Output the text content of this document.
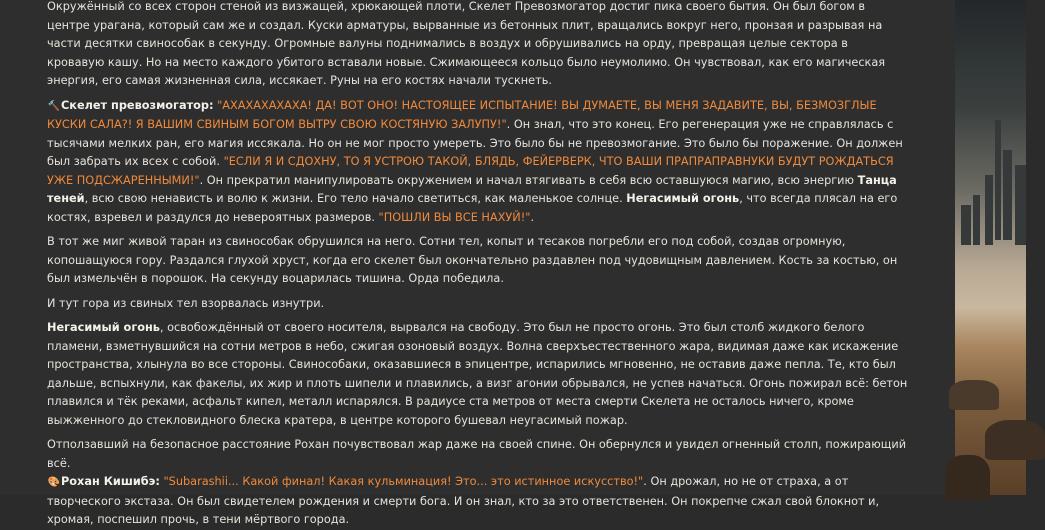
Окружённый со всех сторон стеной из визжащей, хрюкающей плоти, Скелет Превозмогатор достиг пика своего бытия. Он был богом в центре урагана, который сам же и создал. Куски арматуры, вырванные из бетонных плит, вращались вокруг него, пронзая и разрывая на части десятки свинособак в секунду. Огромные валуны поднимались в воздух и обрушивались на орду, превращая целые сектора в кровавую кашу. Но на место каждого убитого вставали новые. Сжимающееся кольцо было неумолимо. Он чувствовал, как его магическая энергия, его самая жизненная сила, иссякает. Руны на его костях начали тускнеть.

🔨Скелет превозмогатор: "АХАХАХАХАХА! ДА! ВОТ ОНО! НАСТОЯЩЕЕ ИСПЫТАНИЕ! ВЫ ДУМАЕТЕ, ВЫ МЕНЯ ЗАДАВИТЕ, ВЫ, БЕЗМОЗГЛЫЕ КУСКИ САЛА?! Я ВАШИМ СВИНЫМ БОГОМ ВЫТРУ СВОЮ КОСТЯНУЮ ЗАЛУПУ!". Он знал, что это конец. Его регенерация уже не справлялась с тысячами мелких ран, его магия иссякала. Но он не мог просто умереть. Это было бы не превозмогание. Это было бы поражение. Он должен был забрать их всех с собой. "ЕСЛИ Я И СДОХНУ, ТО Я УСТРОЮ ТАКОЙ, БЛЯДЬ, ФЕЙЕРВЕРК, ЧТО ВАШИ ПРАПРАПРАВНУКИ БУДУТ РОЖДАТЬСЯ УЖЕ ПОДСЖАРЕННЫМИ!". Он прекратил манипулировать окружением и начал втягивать в себя всю оставшуюся магию, всю энергию Танца теней, всю свою ненависть и волю к жизни. Его тело начало светиться, как маленькое солнце. Негасимый огонь, что всегда плясал на его костях, взревел и раздулся до невероятных размеров. "ПОШЛИ ВЫ ВСЕ НАХУЙ!".

В тот же миг живой таран из свинособак обрушился на него. Сотни тел, копыт и тесаков погребли его под собой, создав огромную, копошащуюся гору. Раздался глухой хруст, когда его скелет был окончательно раздавлен под чудовищным давлением. Кость за костью, он был измельчён в порошок. На секунду воцарилась тишина. Орда победила.

И тут гора из свиных тел взорвалась изнутри.

Негасимый огонь, освобождённый от своего носителя, вырвался на свободу. Это был не просто огонь. Это был столб жидкого белого пламени, взметнувшийся на сотни метров в небо, сжигая озоновый воздух. Волна сверхъестественного жара, видимая даже как искажение пространства, хлынула во все стороны. Свинособаки, оказавшиеся в эпицентре, испарились мгновенно, не оставив даже пепла. Те, кто был дальше, вспыхнули, как факелы, их жир и плоть шипели и плавились, а визг агонии обрывался, не успев начаться. Огонь пожирал всё: бетон плавился и тёк реками, асфальт кипел, металл испарялся. В радиусе ста метров от места смерти Скелета не осталось ничего, кроме выжженного до стекловидного блеска кратера, в центре которого бушевал неугасимый пожар.

Отползавший на безопасное расстояние Рохан почувствовал жар даже на своей спине. Он обернулся и увидел огненный столп, пожирающий всё.
🎨Рохан Кишибэ: "Subarashii... Какой финал! Какая кульминация! Это... это истинное искусство!". Он дрожал, но не от страха, а от творческого экстаза. Он был свидетелем рождения и смерти бога. И он знал, кто за это ответственен. Он покрепче сжал свой блокнот и, хромая, поспешил прочь, в тени мёртвого города.
